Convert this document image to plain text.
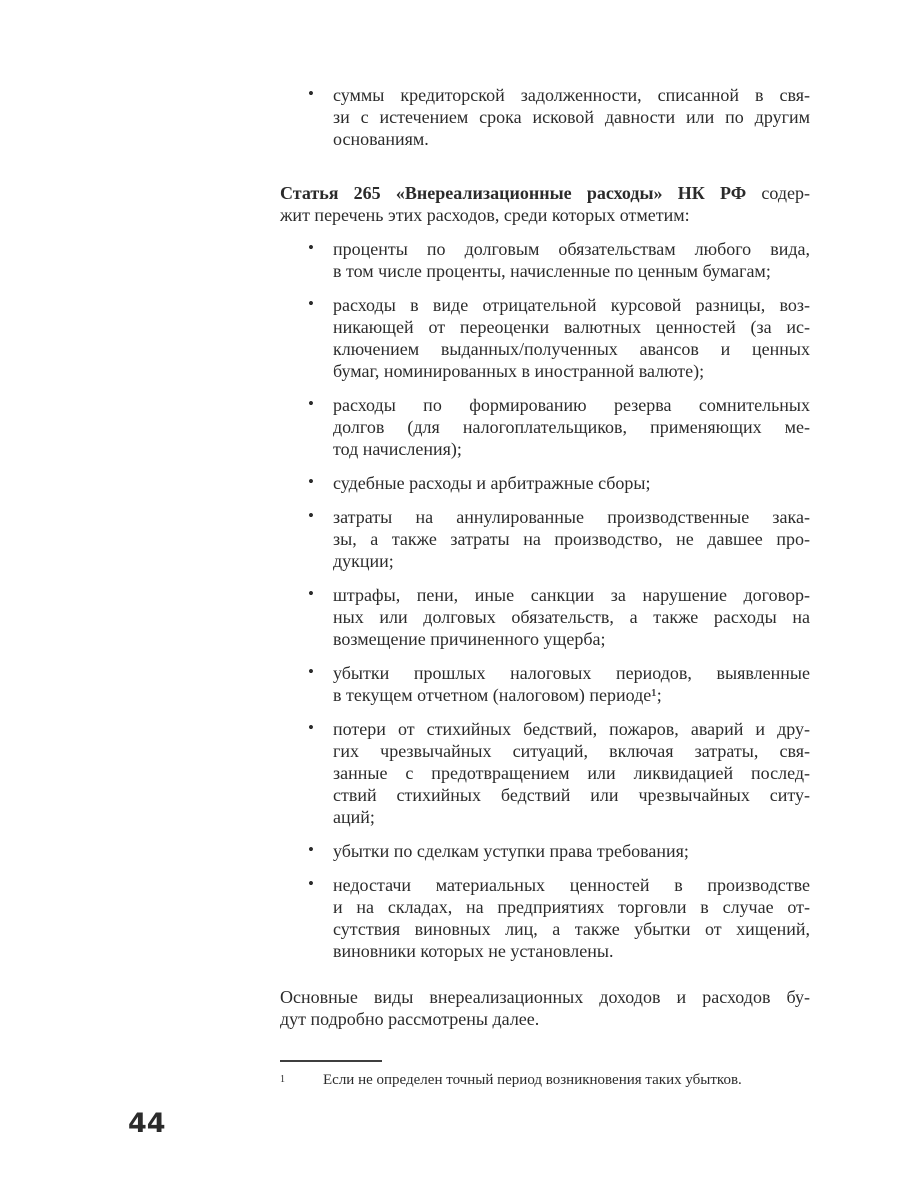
• суммы кредиторской задолженности, списанной в свя-
зи с истечением срока исковой давности или по другим
основаниям.

Статья 265 «Внереализационные расходы» НК РФ содер-
жит перечень этих расходов, среди которых отметим:

• проценты по долговым обязательствам любого вида,
в том числе проценты, начисленные по ценным бумагам;
• расходы в виде отрицательной курсовой разницы, воз-
никающей от переоценки валютных ценностей (за ис-
ключением выданных/полученных авансов и ценных
бумаг, номинированных в иностранной валюте);
• расходы по формированию резерва сомнительных
долгов (для налогоплательщиков, применяющих ме-
тод начисления);
• судебные расходы и арбитражные сборы;
• затраты на аннулированные производственные зака-
зы, а также затраты на производство, не давшее про-
дукции;
• штрафы, пени, иные санкции за нарушение договор-
ных или долговых обязательств, а также расходы на
возмещение причиненного ущерба;
• убытки прошлых налоговых периодов, выявленные
в текущем отчетном (налоговом) периоде¹;
• потери от стихийных бедствий, пожаров, аварий и дру-
гих чрезвычайных ситуаций, включая затраты, свя-
занные с предотвращением или ликвидацией послед-
ствий стихийных бедствий или чрезвычайных ситу-
аций;
• убытки по сделкам уступки права требования;
• недостачи материальных ценностей в производстве
и на складах, на предприятиях торговли в случае от-
сутствия виновных лиц, а также убытки от хищений,
виновники которых не установлены.

Основные виды внереализационных доходов и расходов бу-
дут подробно рассмотрены далее.

1	Если не определен точный период возникновения таких убытков.

44
